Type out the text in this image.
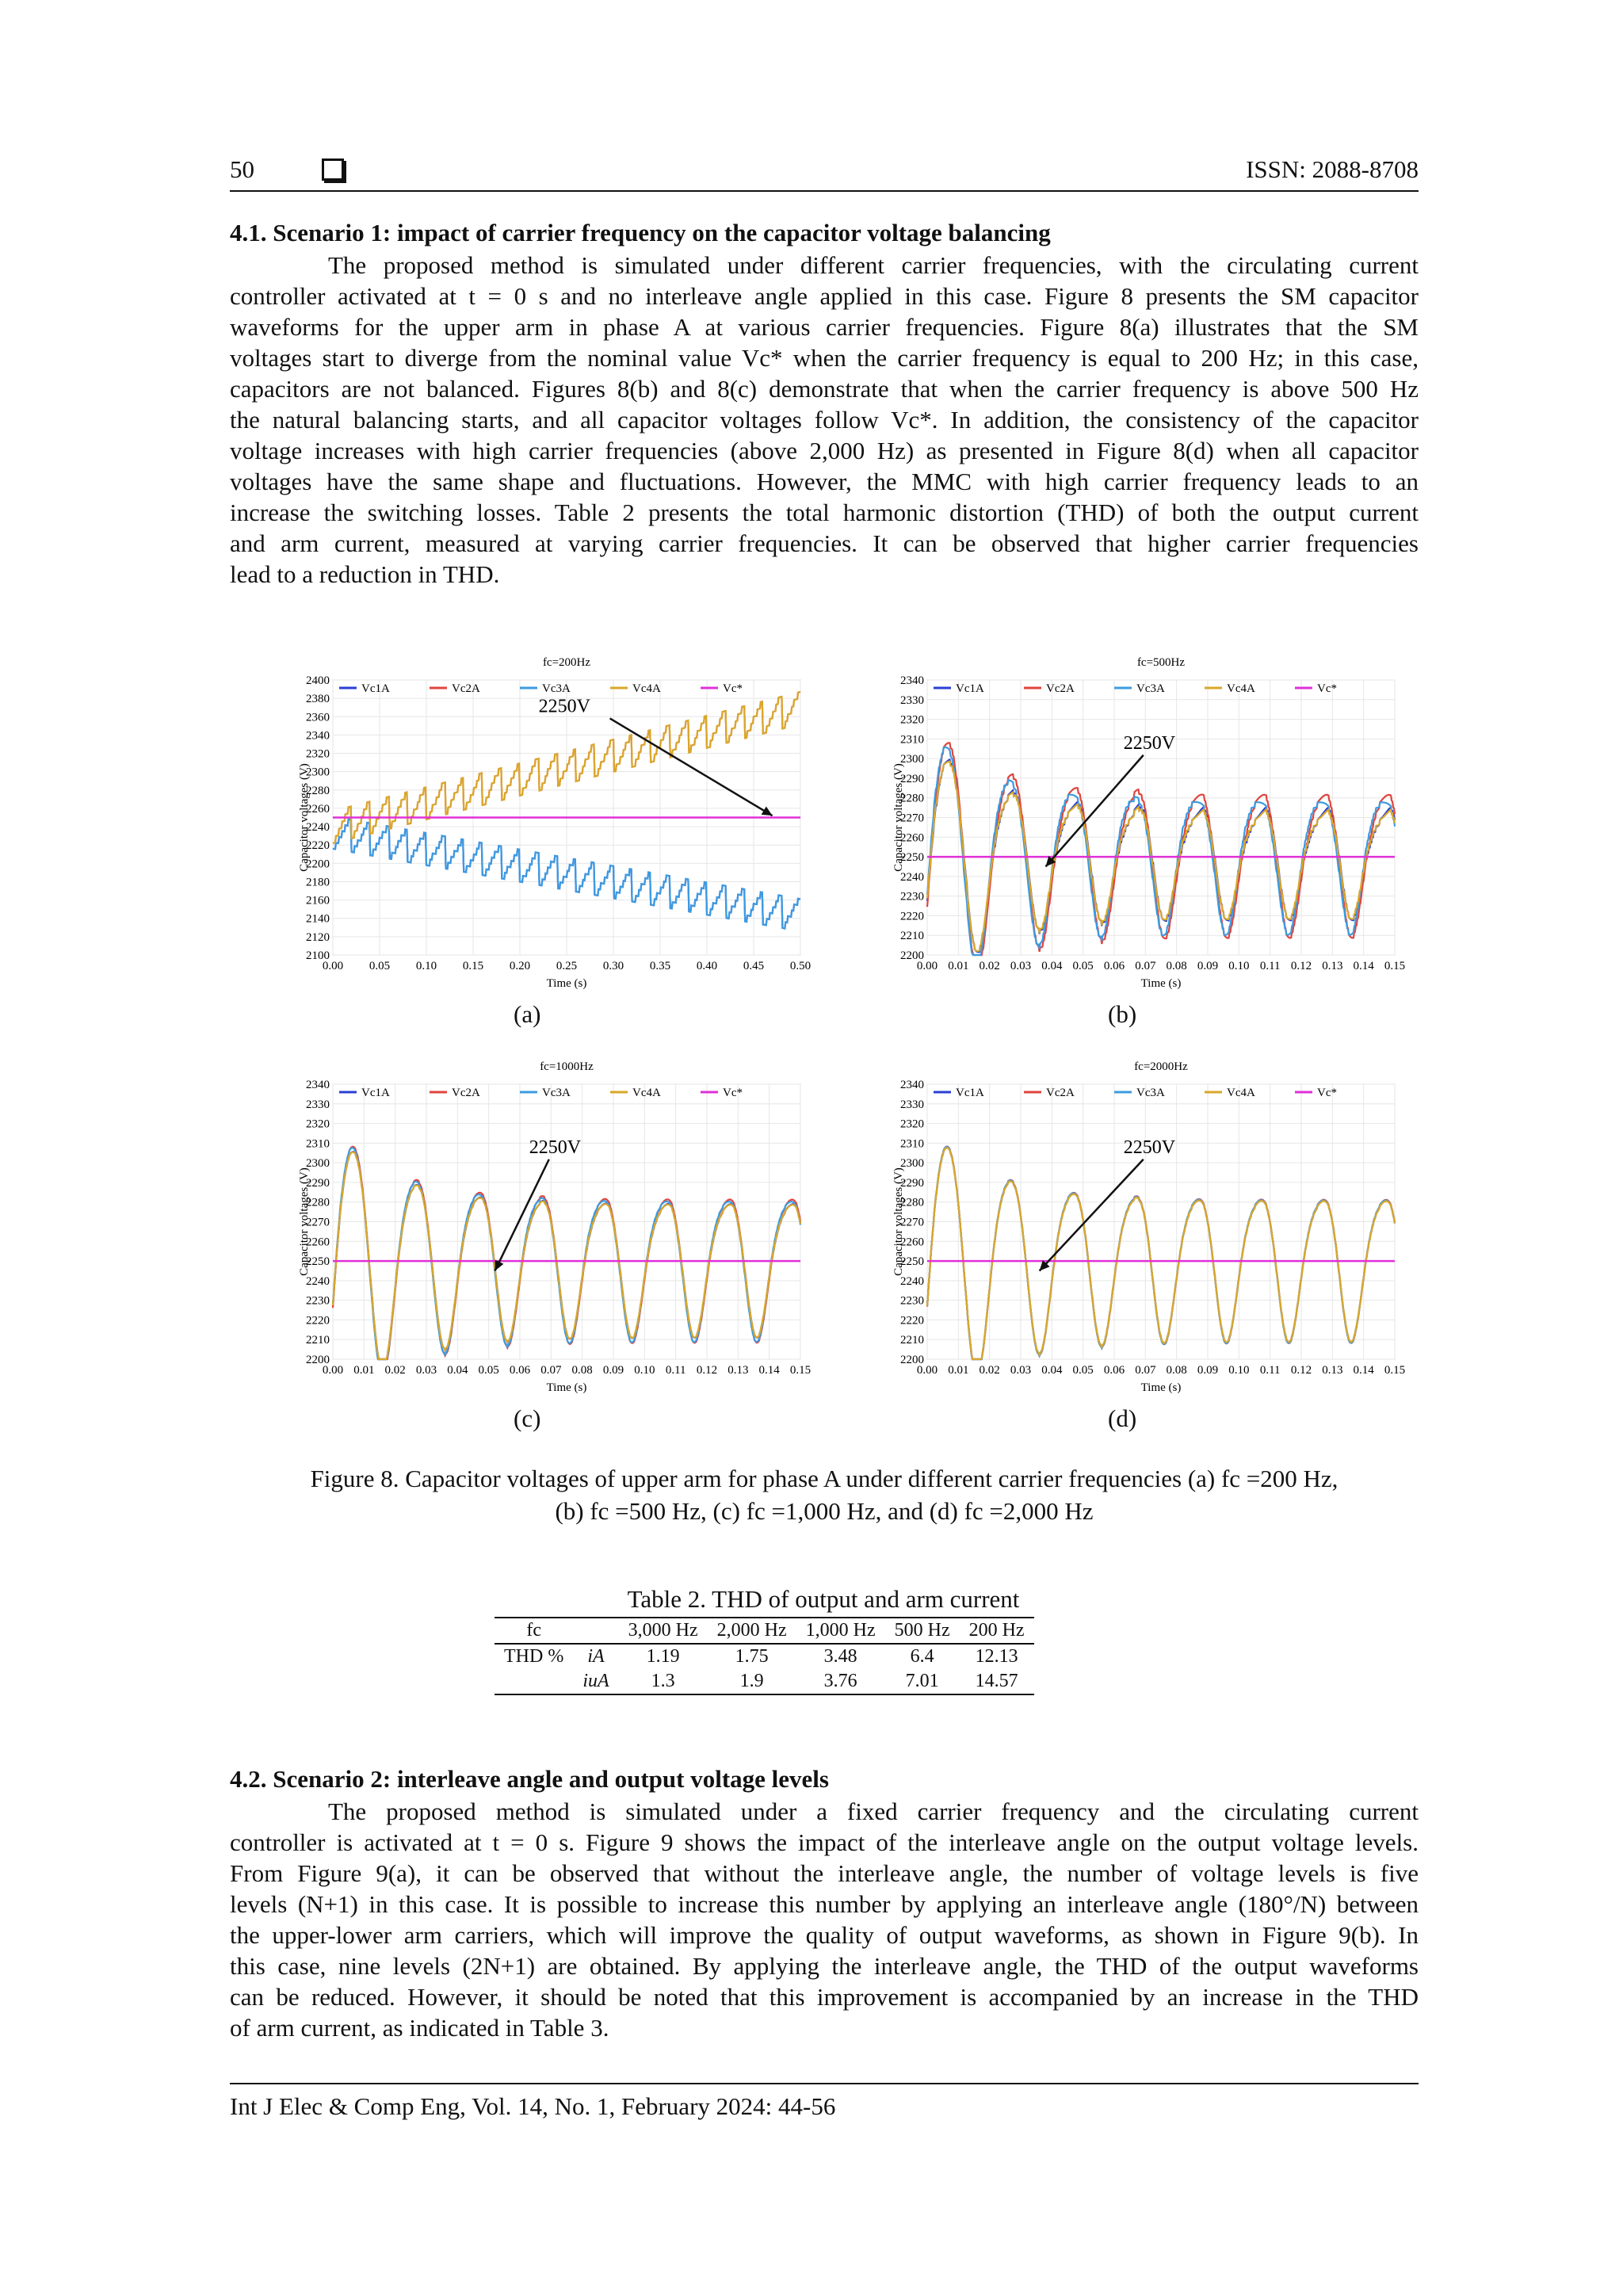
50	ISSN: 2088-8708
4.1. Scenario 1: impact of carrier frequency on the capacitor voltage balancing
The proposed method is simulated under different carrier frequencies, with the circulating current
controller activated at t = 0 s and no interleave angle applied in this case. Figure 8 presents the SM capacitor
waveforms for the upper arm in phase A at various carrier frequencies. Figure 8(a) illustrates that the SM
voltages start to diverge from the nominal value Vc* when the carrier frequency is equal to 200 Hz; in this case,
capacitors are not balanced. Figures 8(b) and 8(c) demonstrate that when the carrier frequency is above 500 Hz
the natural balancing starts, and all capacitor voltages follow Vc*. In addition, the consistency of the capacitor
voltage increases with high carrier frequencies (above 2,000 Hz) as presented in Figure 8(d) when all capacitor
voltages have the same shape and fluctuations. However, the MMC with high carrier frequency leads to an
increase the switching losses. Table 2 presents the total harmonic distortion (THD) of both the output current
and arm current, measured at varying carrier frequencies. It can be observed that higher carrier frequencies
lead to a reduction in THD.
fc=200Hz
2100
2120
2140
2160
2180
2200
2220
2240
2260
2280
2300
2320
2340
2360
2380
2400
0.00 0.05 0.10 0.15 0.20 0.25 0.30 0.35 0.40 0.45 0.50
Time (s)
Capacitor voltages (V)
Vc1A	Vc2A	Vc3A	Vc4A	Vc*
2250V
fc=500Hz
2200
2210
2220
2230
2240
2250
2260
2270
2280
2290
2300
2310
2320
2330
2340
0.00 0.01 0.02 0.03 0.04 0.05 0.06 0.07 0.08 0.09 0.10 0.11 0.12 0.13 0.14 0.15
Time (s)
Capacitor voltages (V)
Vc1A	Vc2A	Vc3A	Vc4A	Vc*
2250V
fc=1000Hz
2200
2210
2220
2230
2240
2250
2260
2270
2280
2290
2300
2310
2320
2330
2340
0.00 0.01 0.02 0.03 0.04 0.05 0.06 0.07 0.08 0.09 0.10 0.11 0.12 0.13 0.14 0.15
Time (s)
Capacitor voltages (V)
Vc1A	Vc2A	Vc3A	Vc4A	Vc*
2250V
fc=2000Hz
2200
2210
2220
2230
2240
2250
2260
2270
2280
2290
2300
2310
2320
2330
2340
0.00 0.01 0.02 0.03 0.04 0.05 0.06 0.07 0.08 0.09 0.10 0.11 0.12 0.13 0.14 0.15
Time (s)
Capacitor voltages (V)
Vc1A	Vc2A	Vc3A	Vc4A	Vc*
2250V
(a)	(b)
(c)	(d)
Figure 8. Capacitor voltages of upper arm for phase A under different carrier frequencies (a) fc =200 Hz,
(b) fc =500 Hz, (c) fc =1,000 Hz, and (d) fc =2,000 Hz
Table 2. THD of output and arm current
fc		3,000 Hz	2,000 Hz	1,000 Hz	500 Hz	200 Hz
THD %	iA	1.19	1.75	3.48	6.4	12.13
	iuA	1.3	1.9	3.76	7.01	14.57
4.2. Scenario 2: interleave angle and output voltage levels
The proposed method is simulated under a fixed carrier frequency and the circulating current
controller is activated at t = 0 s. Figure 9 shows the impact of the interleave angle on the output voltage levels.
From Figure 9(a), it can be observed that without the interleave angle, the number of voltage levels is five
levels (N+1) in this case. It is possible to increase this number by applying an interleave angle (180°/N) between
the upper-lower arm carriers, which will improve the quality of output waveforms, as shown in Figure 9(b). In
this case, nine levels (2N+1) are obtained. By applying the interleave angle, the THD of the output waveforms
can be reduced. However, it should be noted that this improvement is accompanied by an increase in the THD
of arm current, as indicated in Table 3.
Int J Elec & Comp Eng, Vol. 14, No. 1, February 2024: 44-56
